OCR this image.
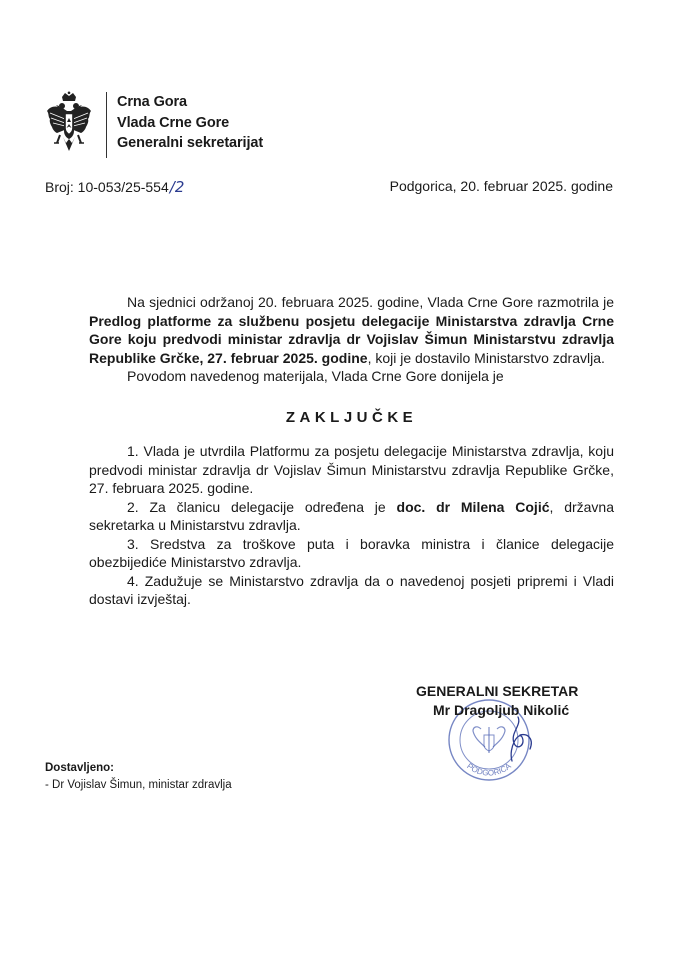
Crna Gora
Vlada Crne Gore
Generalni sekretarijat
Broj: 10-053/25-554/2	Podgorica, 20. februar 2025. godine
Na sjednici održanoj 20. februara 2025. godine, Vlada Crne Gore razmotrila je Predlog platforme za službenu posjetu delegacije Ministarstva zdravlja Crne Gore koju predvodi ministar zdravlja dr Vojislav Šimun Ministarstvu zdravlja Republike Grčke, 27. februar 2025. godine, koji je dostavilo Ministarstvo zdravlja.
Povodom navedenog materijala, Vlada Crne Gore donijela je
ZAKLJUČKE
1. Vlada je utvrdila Platformu za posjetu delegacije Ministarstva zdravlja, koju predvodi ministar zdravlja dr Vojislav Šimun Ministarstvu zdravlja Republike Grčke, 27. februara 2025. godine.
2. Za članicu delegacije određena je doc. dr Milena Cojić, državna sekretarka u Ministarstvu zdravlja.
3. Sredstva za troškove puta i boravka ministra i članice delegacije obezbijediće Ministarstvo zdravlja.
4. Zadužuje se Ministarstvo zdravlja da o navedenoj posjeti pripremi i Vladi dostavi izvještaj.
PODGORICA
GENERALNI SEKRETAR
Mr Dragoljub Nikolić
Dostavljeno:
- Dr Vojislav Šimun, ministar zdravlja
